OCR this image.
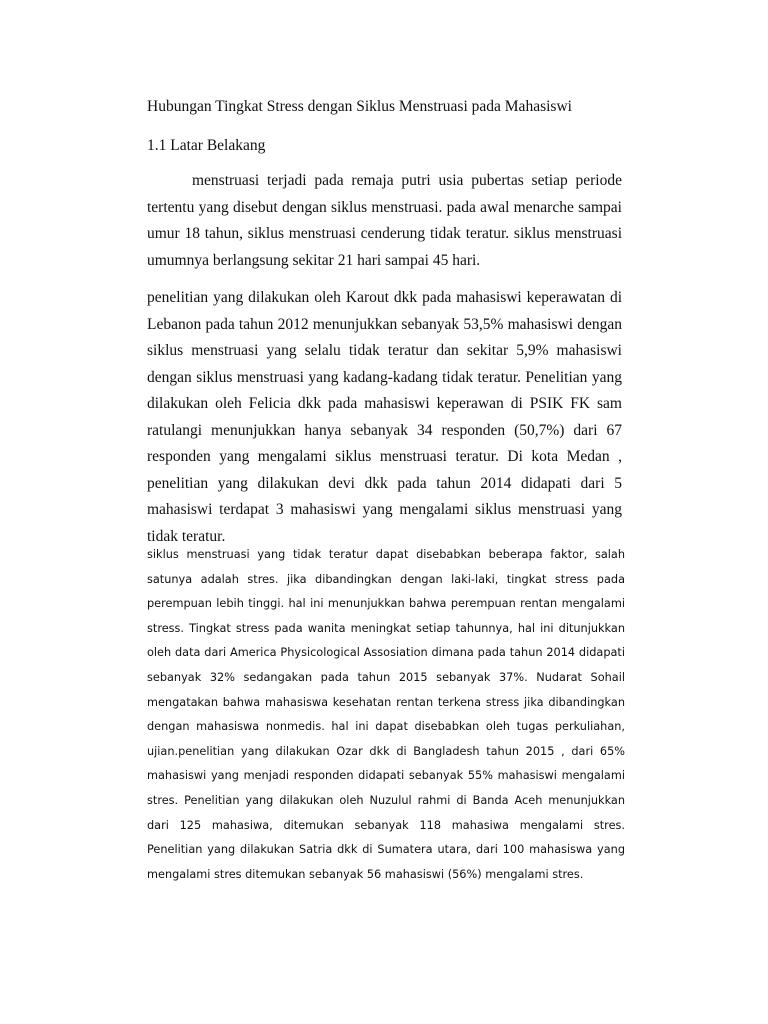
Hubungan Tingkat Stress dengan Siklus Menstruasi pada Mahasiswi
1.1 Latar Belakang

menstruasi terjadi pada remaja putri usia pubertas setiap periode tertentu yang disebut dengan siklus menstruasi. pada awal menarche sampai umur 18 tahun, siklus menstruasi cenderung tidak teratur. siklus menstruasi umumnya berlangsung sekitar 21 hari sampai 45 hari.

penelitian yang dilakukan oleh Karout dkk pada mahasiswi keperawatan di Lebanon pada tahun 2012 menunjukkan sebanyak 53,5% mahasiswi dengan siklus menstruasi yang selalu tidak teratur dan sekitar 5,9% mahasiswi dengan siklus menstruasi yang kadang-kadang tidak teratur. Penelitian yang dilakukan oleh Felicia dkk pada mahasiswi keperawan di PSIK FK sam ratulangi menunjukkan hanya sebanyak 34 responden (50,7%) dari 67 responden yang mengalami siklus menstruasi teratur. Di kota Medan , penelitian yang dilakukan devi dkk pada tahun 2014 didapati dari 5 mahasiswi terdapat 3 mahasiswi yang mengalami siklus menstruasi yang tidak teratur.

siklus menstruasi yang tidak teratur dapat disebabkan beberapa faktor, salah satunya adalah stres. jika dibandingkan dengan laki-laki, tingkat stress pada perempuan lebih tinggi. hal ini menunjukkan bahwa perempuan rentan mengalami stress. Tingkat stress pada wanita meningkat setiap tahunnya, hal ini ditunjukkan oleh data dari America Physicological Assosiation dimana pada tahun 2014 didapati sebanyak 32% sedangakan pada tahun 2015 sebanyak 37%. Nudarat Sohail mengatakan bahwa mahasiswa kesehatan rentan terkena stress jika dibandingkan dengan mahasiswa nonmedis. hal ini dapat disebabkan oleh tugas perkuliahan, ujian.penelitian yang dilakukan Ozar dkk di Bangladesh tahun 2015 , dari 65% mahasiswi yang menjadi responden didapati sebanyak 55% mahasiswi mengalami stres. Penelitian yang dilakukan oleh Nuzulul rahmi di Banda Aceh menunjukkan dari 125 mahasiwa, ditemukan sebanyak 118 mahasiwa mengalami stres. Penelitian yang dilakukan Satria dkk di Sumatera utara, dari 100 mahasiswa yang mengalami stres ditemukan sebanyak 56 mahasiswi (56%) mengalami stres.
